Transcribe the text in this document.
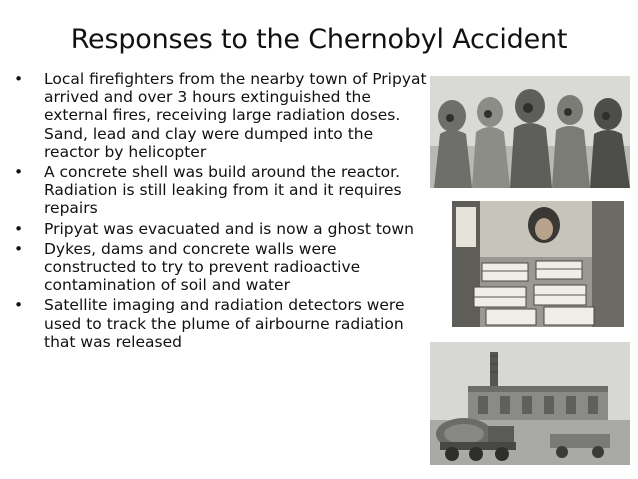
Responses to the Chernobyl Accident
• Local firefighters from the nearby town of Pripyat arrived and over 3 hours extinguished the external fires, receiving large radiation doses. Sand, lead and clay were dumped into the reactor by helicopter
• A concrete shell was build around the reactor. Radiation is still leaking from it and it requires repairs
• Pripyat was evacuated and is now a ghost town
• Dykes, dams and concrete walls were constructed to try to prevent radioactive contamination of soil and water
• Satellite imaging and radiation detectors were used to track the plume of airbourne radiation that was released
